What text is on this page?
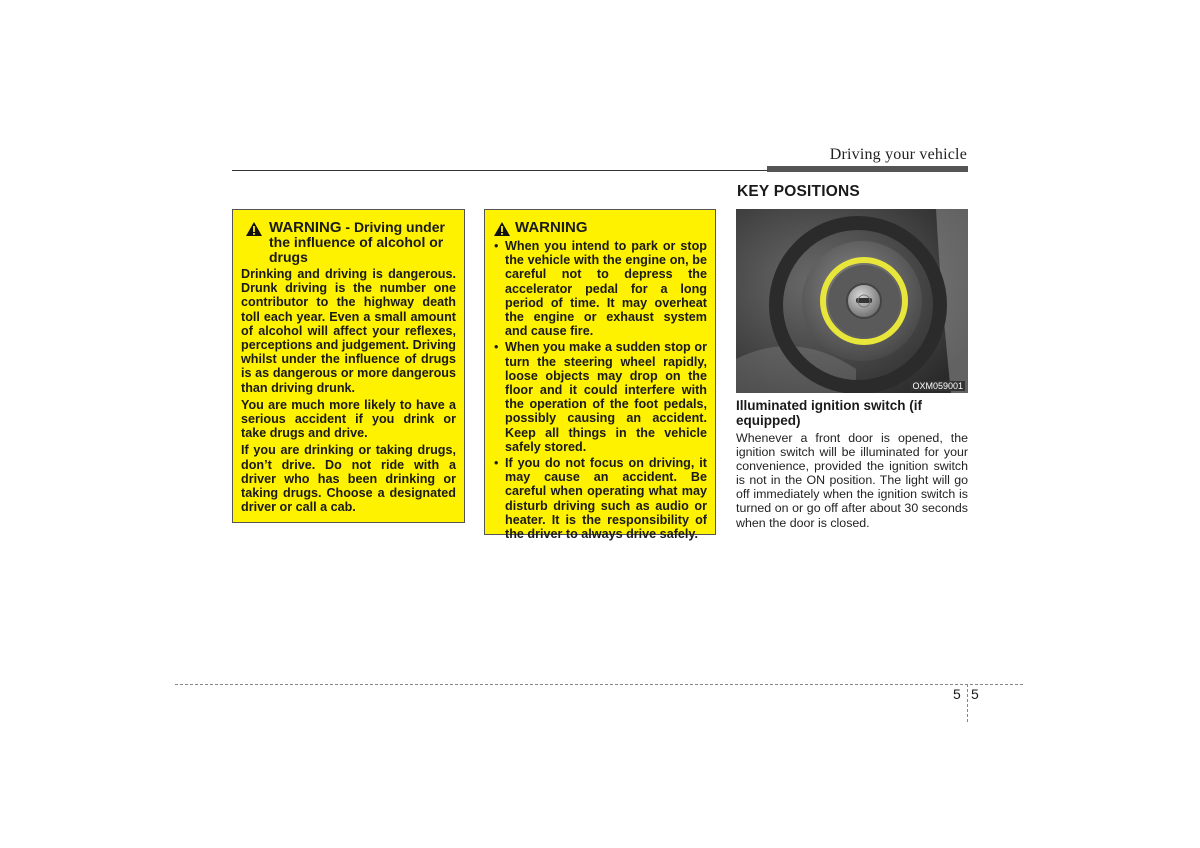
Driving your vehicle
WARNING - Driving under the influence of alcohol or drugs

Drinking and driving is dangerous. Drunk driving is the number one contributor to the highway death toll each year. Even a small amount of alcohol will affect your reflexes, perceptions and judgement. Driving whilst under the influence of drugs is as dangerous or more dangerous than driving drunk.

You are much more likely to have a serious accident if you drink or take drugs and drive.

If you are drinking or taking drugs, don’t drive. Do not ride with a driver who has been drinking or taking drugs. Choose a designated driver or call a cab.

WARNING
• When you intend to park or stop the vehicle with the engine on, be careful not to depress the accelerator pedal for a long period of time. It may overheat the engine or exhaust system and cause fire.
• When you make a sudden stop or turn the steering wheel rapidly, loose objects may drop on the floor and it could interfere with the operation of the foot pedals, possibly causing an accident. Keep all things in the vehicle safely stored.
• If you do not focus on driving, it may cause an accident. Be careful when operating what may disturb driving such as audio or heater. It is the responsibility of the driver to always drive safely.
KEY POSITIONS
OXM059001
Illuminated ignition switch (if equipped)
Whenever a front door is opened, the ignition switch will be illuminated for your convenience, provided the ignition switch is not in the ON position. The light will go off immediately when the ignition switch is turned on or go off after about 30 seconds when the door is closed.
5 5
